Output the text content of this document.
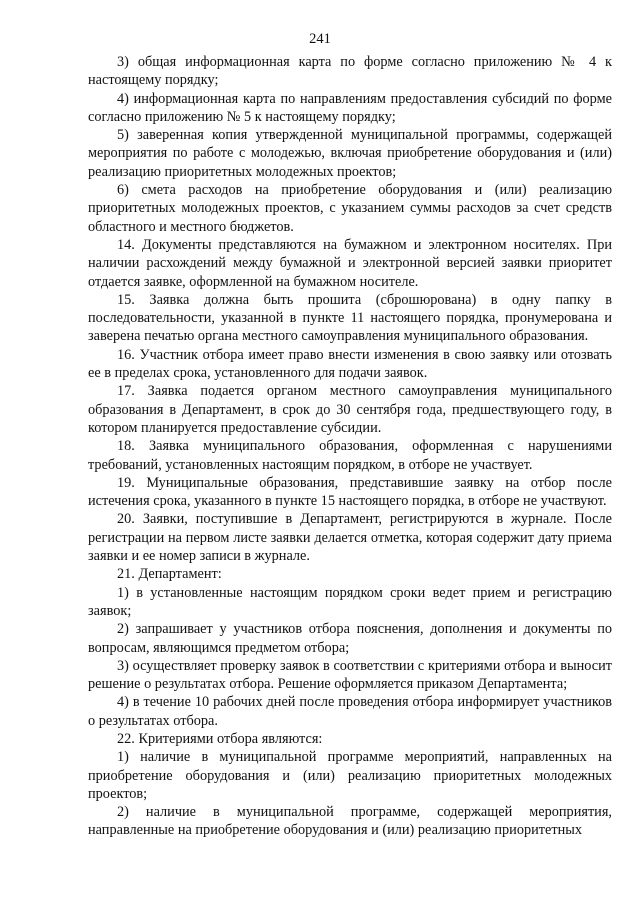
241

3) общая информационная карта по форме согласно приложению № 4 к настоящему порядку;

4) информационная карта по направлениям предоставления субсидий по форме согласно приложению № 5 к настоящему порядку;

5) заверенная копия утвержденной муниципальной программы, содержащей мероприятия по работе с молодежью, включая приобретение оборудования и (или) реализацию приоритетных молодежных проектов;

6) смета расходов на приобретение оборудования и (или) реализацию приоритетных молодежных проектов, с указанием суммы расходов за счет средств областного и местного бюджетов.

14. Документы представляются на бумажном и электронном носителях. При наличии расхождений между бумажной и электронной версией заявки приоритет отдается заявке, оформленной на бумажном носителе.

15. Заявка должна быть прошита (сброшюрована) в одну папку в последовательности, указанной в пункте 11 настоящего порядка, пронумерована и заверена печатью органа местного самоуправления муниципального образования.

16. Участник отбора имеет право внести изменения в свою заявку или отозвать ее в пределах срока, установленного для подачи заявок.

17. Заявка подается органом местного самоуправления муниципального образования в Департамент, в срок до 30 сентября года, предшествующего году, в котором планируется предоставление субсидии.

18. Заявка муниципального образования, оформленная с нарушениями требований, установленных настоящим порядком, в отборе не участвует.

19. Муниципальные образования, представившие заявку на отбор после истечения срока, указанного в пункте 15 настоящего порядка, в отборе не участвуют.

20. Заявки, поступившие в Департамент, регистрируются в журнале. После регистрации на первом листе заявки делается отметка, которая содержит дату приема заявки и ее номер записи в журнале.

21. Департамент:

1) в установленные настоящим порядком сроки ведет прием и регистрацию заявок;

2) запрашивает у участников отбора пояснения, дополнения и документы по вопросам, являющимся предметом отбора;

3) осуществляет проверку заявок в соответствии с критериями отбора и выносит решение о результатах отбора. Решение оформляется приказом Департамента;

4) в течение 10 рабочих дней после проведения отбора информирует участников о результатах отбора.

22. Критериями отбора являются:

1) наличие в муниципальной программе мероприятий, направленных на приобретение оборудования и (или) реализацию приоритетных молодежных проектов;

2) наличие в муниципальной программе, содержащей мероприятия, направленные на приобретение оборудования и (или) реализацию приоритетных
